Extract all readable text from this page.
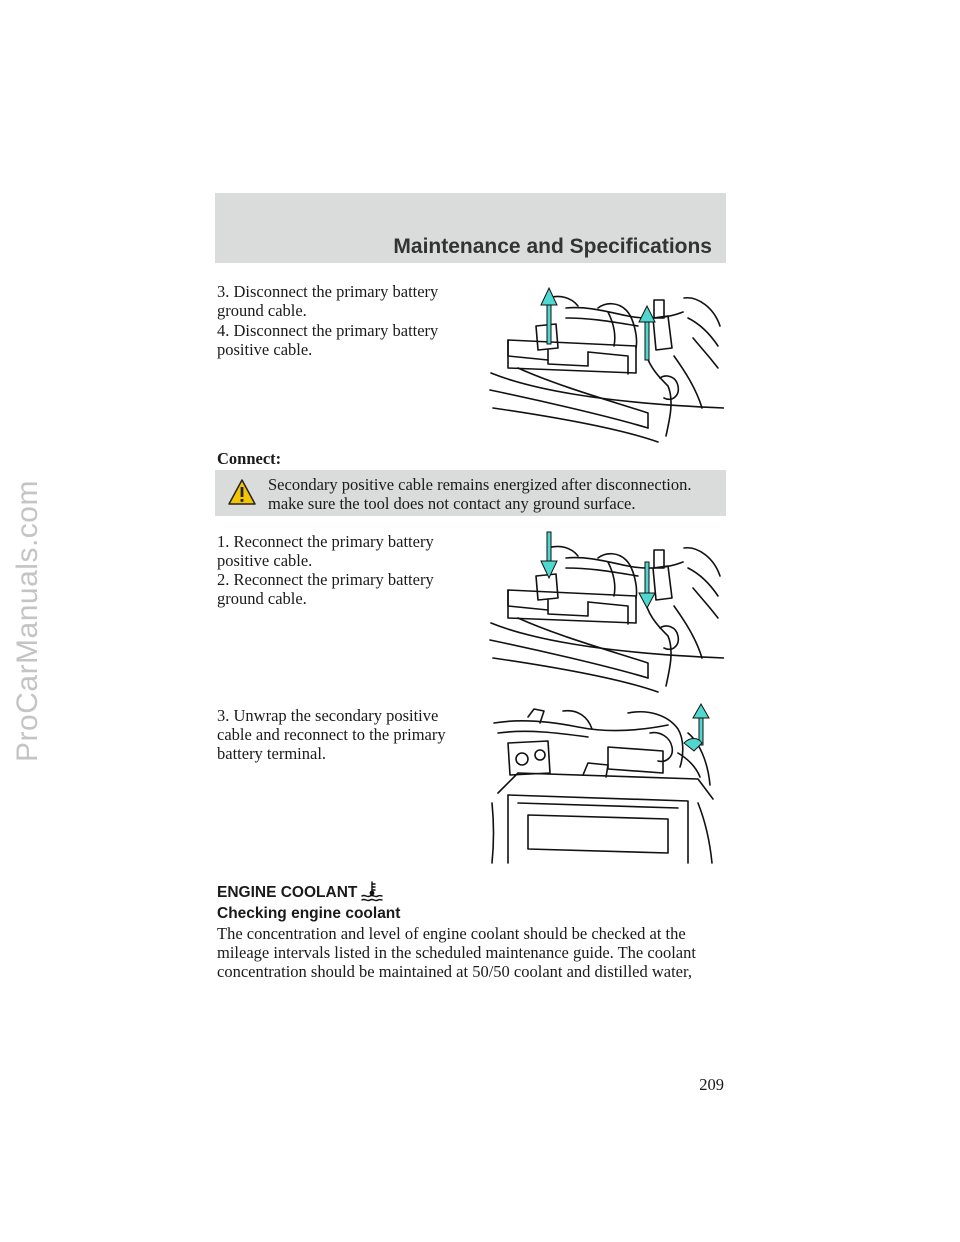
ProCarManuals.com
Maintenance and Specifications
3. Disconnect the primary battery ground cable.
4. Disconnect the primary battery positive cable.
Connect:
Secondary positive cable remains energized after disconnection. make sure the tool does not contact any ground surface.
1. Reconnect the primary battery positive cable.
2. Reconnect the primary battery ground cable.
3. Unwrap the secondary positive cable and reconnect to the primary battery terminal.
ENGINE COOLANT
Checking engine coolant
The concentration and level of engine coolant should be checked at the mileage intervals listed in the scheduled maintenance guide. The coolant concentration should be maintained at 50/50 coolant and distilled water,
209
